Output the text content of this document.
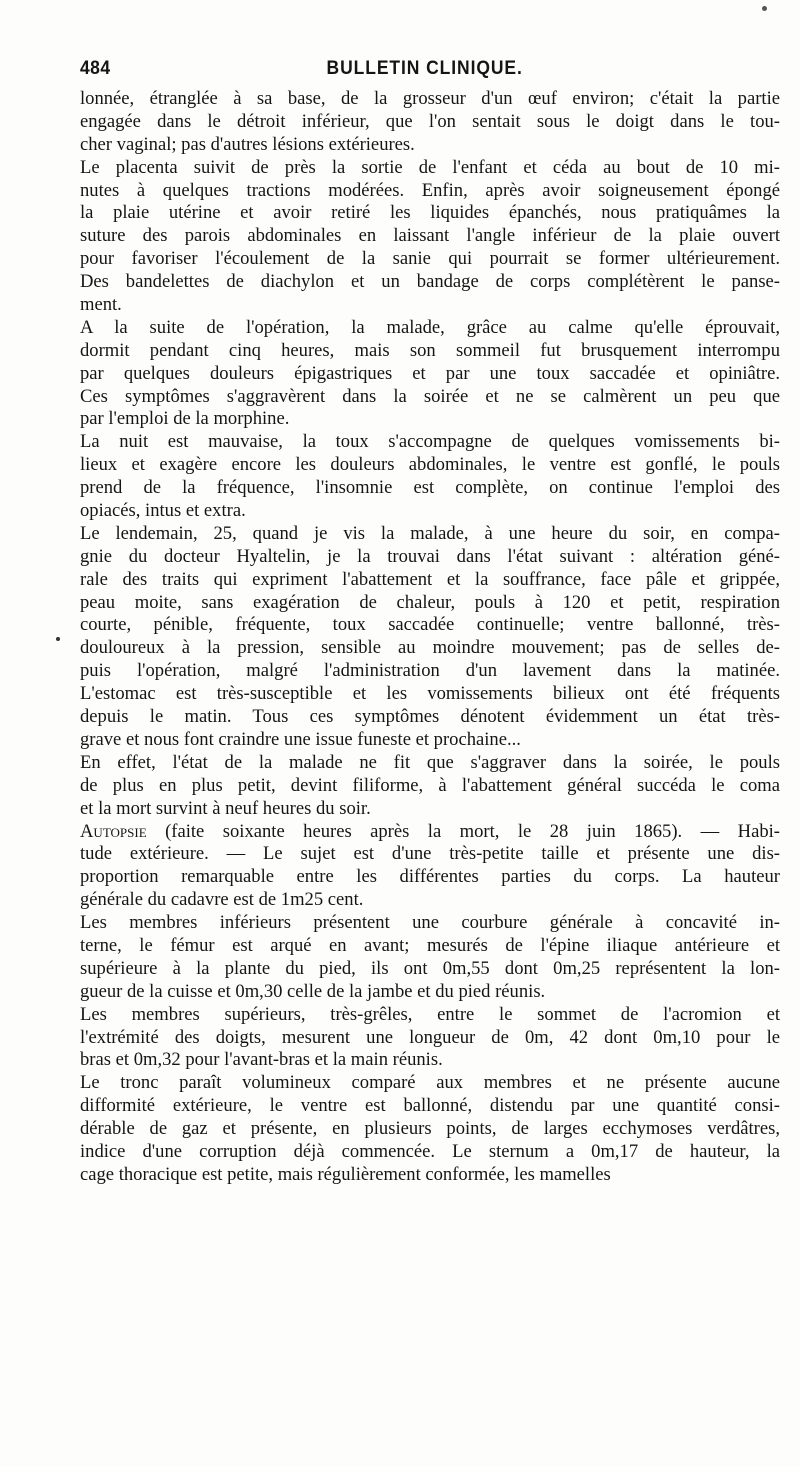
484	BULLETIN CLINIQUE.

lonnée, étranglée à sa base, de la grosseur d'un œuf environ; c'était la partie
engagée dans le détroit inférieur, que l'on sentait sous le doigt dans le tou-
cher vaginal; pas d'autres lésions extérieures.

Le placenta suivit de près la sortie de l'enfant et céda au bout de 10 mi-
nutes à quelques tractions modérées. Enfin, après avoir soigneusement épongé
la plaie utérine et avoir retiré les liquides épanchés, nous pratiquâmes la
suture des parois abdominales en laissant l'angle inférieur de la plaie ouvert
pour favoriser l'écoulement de la sanie qui pourrait se former ultérieurement.
Des bandelettes de diachylon et un bandage de corps complétèrent le panse-
ment.

A la suite de l'opération, la malade, grâce au calme qu'elle éprouvait,
dormit pendant cinq heures, mais son sommeil fut brusquement interrompu
par quelques douleurs épigastriques et par une toux saccadée et opiniâtre.
Ces symptômes s'aggravèrent dans la soirée et ne se calmèrent un peu que
par l'emploi de la morphine.

La nuit est mauvaise, la toux s'accompagne de quelques vomissements bi-
lieux et exagère encore les douleurs abdominales, le ventre est gonflé, le pouls
prend de la fréquence, l'insomnie est complète, on continue l'emploi des
opiacés, intus et extra.

Le lendemain, 25, quand je vis la malade, à une heure du soir, en compa-
gnie du docteur Hyaltelin, je la trouvai dans l'état suivant : altération géné-
rale des traits qui expriment l'abattement et la souffrance, face pâle et grippée,
peau moite, sans exagération de chaleur, pouls à 120 et petit, respiration
courte, pénible, fréquente, toux saccadée continuelle; ventre ballonné, très-
douloureux à la pression, sensible au moindre mouvement; pas de selles de-
puis l'opération, malgré l'administration d'un lavement dans la matinée.
L'estomac est très-susceptible et les vomissements bilieux ont été fréquents
depuis le matin. Tous ces symptômes dénotent évidemment un état très-
grave et nous font craindre une issue funeste et prochaine...

En effet, l'état de la malade ne fit que s'aggraver dans la soirée, le pouls
de plus en plus petit, devint filiforme, à l'abattement général succéda le coma
et la mort survint à neuf heures du soir.

Autopsie (faite soixante heures après la mort, le 28 juin 1865). — Habi-
tude extérieure. — Le sujet est d'une très-petite taille et présente une dis-
proportion remarquable entre les différentes parties du corps. La hauteur
générale du cadavre est de 1m25 cent.

Les membres inférieurs présentent une courbure générale à concavité in-
terne, le fémur est arqué en avant; mesurés de l'épine iliaque antérieure et
supérieure à la plante du pied, ils ont 0m,55 dont 0m,25 représentent la lon-
gueur de la cuisse et 0m,30 celle de la jambe et du pied réunis.

Les membres supérieurs, très-grêles, entre le sommet de l'acromion et
l'extrémité des doigts, mesurent une longueur de 0m, 42 dont 0m,10 pour le
bras et 0m,32 pour l'avant-bras et la main réunis.

Le tronc paraît volumineux comparé aux membres et ne présente aucune
difformité extérieure, le ventre est ballonné, distendu par une quantité consi-
dérable de gaz et présente, en plusieurs points, de larges ecchymoses verdâtres,
indice d'une corruption déjà commencée. Le sternum a 0m,17 de hauteur, la
cage thoracique est petite, mais régulièrement conformée, les mamelles
